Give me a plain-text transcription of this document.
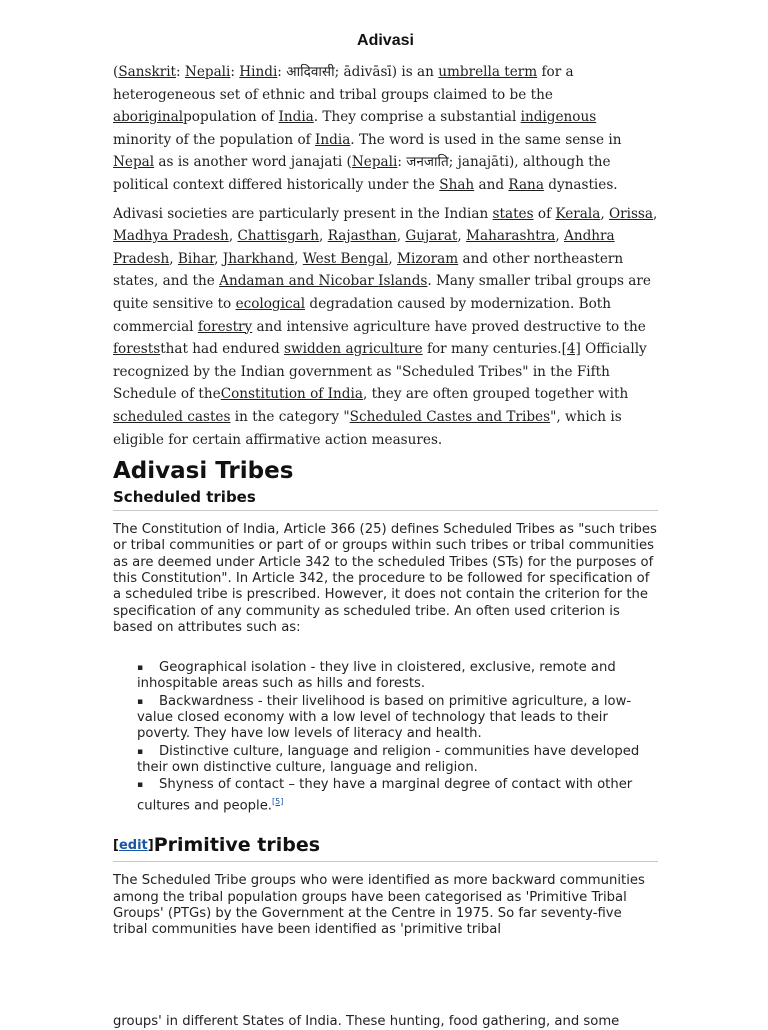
Adivasi

(Sanskrit: Nepali: Hindi: आदिवासी; ādivāsī) is an umbrella term for a heterogeneous set of ethnic and tribal groups claimed to be the aboriginalpopulation of India. They comprise a substantial indigenous minority of the population of India. The word is used in the same sense in Nepal as is another word janajati (Nepali: जनजाति; janajāti), although the political context differed historically under the Shah and Rana dynasties.

Adivasi societies are particularly present in the Indian states of Kerala, Orissa, Madhya Pradesh, Chattisgarh, Rajasthan, Gujarat, Maharashtra, Andhra Pradesh, Bihar, Jharkhand, West Bengal, Mizoram and other northeastern states, and the Andaman and Nicobar Islands. Many smaller tribal groups are quite sensitive to ecological degradation caused by modernization. Both commercial forestry and intensive agriculture have proved destructive to the foreststhat had endured swidden agriculture for many centuries.[4] Officially recognized by the Indian government as "Scheduled Tribes" in the Fifth Schedule of theConstitution of India, they are often grouped together with scheduled castes in the category "Scheduled Castes and Tribes", which is eligible for certain affirmative action measures.

Adivasi Tribes
Scheduled tribes

The Constitution of India, Article 366 (25) defines Scheduled Tribes as "such tribes or tribal communities or part of or groups within such tribes or tribal communities as are deemed under Article 342 to the scheduled Tribes (STs) for the purposes of this Constitution". In Article 342, the procedure to be followed for specification of a scheduled tribe is prescribed. However, it does not contain the criterion for the specification of any community as scheduled tribe. An often used criterion is based on attributes such as:

▪ Geographical isolation - they live in cloistered, exclusive, remote and inhospitable areas such as hills and forests.
▪ Backwardness - their livelihood is based on primitive agriculture, a low-value closed economy with a low level of technology that leads to their poverty. They have low levels of literacy and health.
▪ Distinctive culture, language and religion - communities have developed their own distinctive culture, language and religion.
▪ Shyness of contact – they have a marginal degree of contact with other cultures and people.[5]
[edit]Primitive tribes

The Scheduled Tribe groups who were identified as more backward communities among the tribal population groups have been categorised as 'Primitive Tribal Groups' (PTGs) by the Government at the Centre in 1975. So far seventy-five tribal communities have been identified as 'primitive tribal

groups' in different States of India. These hunting, food gathering, and some
